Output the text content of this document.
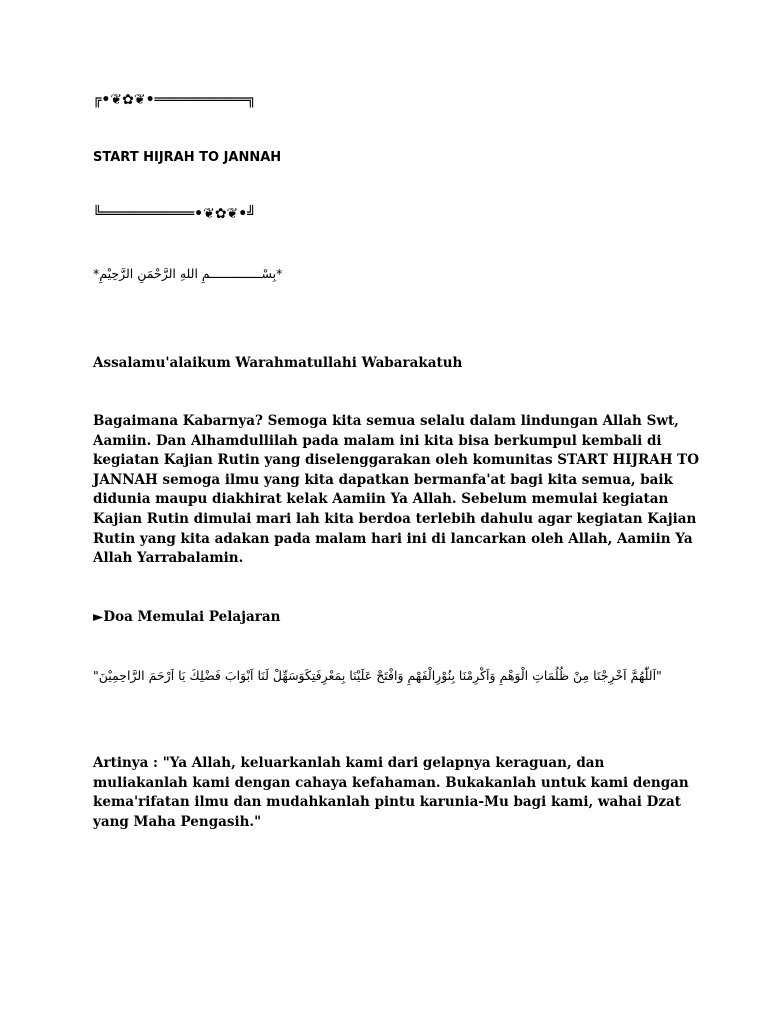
╔•❦✿❦•═══════════╗
START HIJRAH TO JANNAH
╚═══════════•❦✿❦•╝
*بِسْــــــــــــــمِ اللهِ الرَّحْمَنِ الرَّحِيْمِ*
Assalamu'alaikum Warahmatullahi Wabarakatuh
Bagaimana Kabarnya? Semoga kita semua selalu dalam lindungan Allah Swt,
Aamiin. Dan Alhamdullilah pada malam ini kita bisa berkumpul kembali di
kegiatan Kajian Rutin yang diselenggarakan oleh komunitas START HIJRAH TO
JANNAH semoga ilmu yang kita dapatkan bermanfa'at bagi kita semua, baik
didunia maupu diakhirat kelak Aamiin Ya Allah. Sebelum memulai kegiatan
Kajian Rutin dimulai mari lah kita berdoa terlebih dahulu agar kegiatan Kajian
Rutin yang kita adakan pada malam hari ini di lancarkan oleh Allah, Aamiin Ya
Allah Yarrabalamin.
►Doa Memulai Pelajaran
"اَللّٰهُمَّ اَخْرِجْنَا مِنْ ظُلُمَاتِ الْوَهْمِ وَاَكْرِمْنَا بِنُوْرِالْفَهْمِ وَافْتَحْ عَلَيْنَا بِمَعْرِفَتِكَوَسَهِّلْ لَنَا اَبْوَابَ فَضْلِكَ يَا اَرْحَمَ الرَّاحِمِيْنَ"
Artinya : "Ya Allah, keluarkanlah kami dari gelapnya keraguan, dan
muliakanlah kami dengan cahaya kefahaman. Bukakanlah untuk kami dengan
kema'rifatan ilmu dan mudahkanlah pintu karunia-Mu bagi kami, wahai Dzat
yang Maha Pengasih."
